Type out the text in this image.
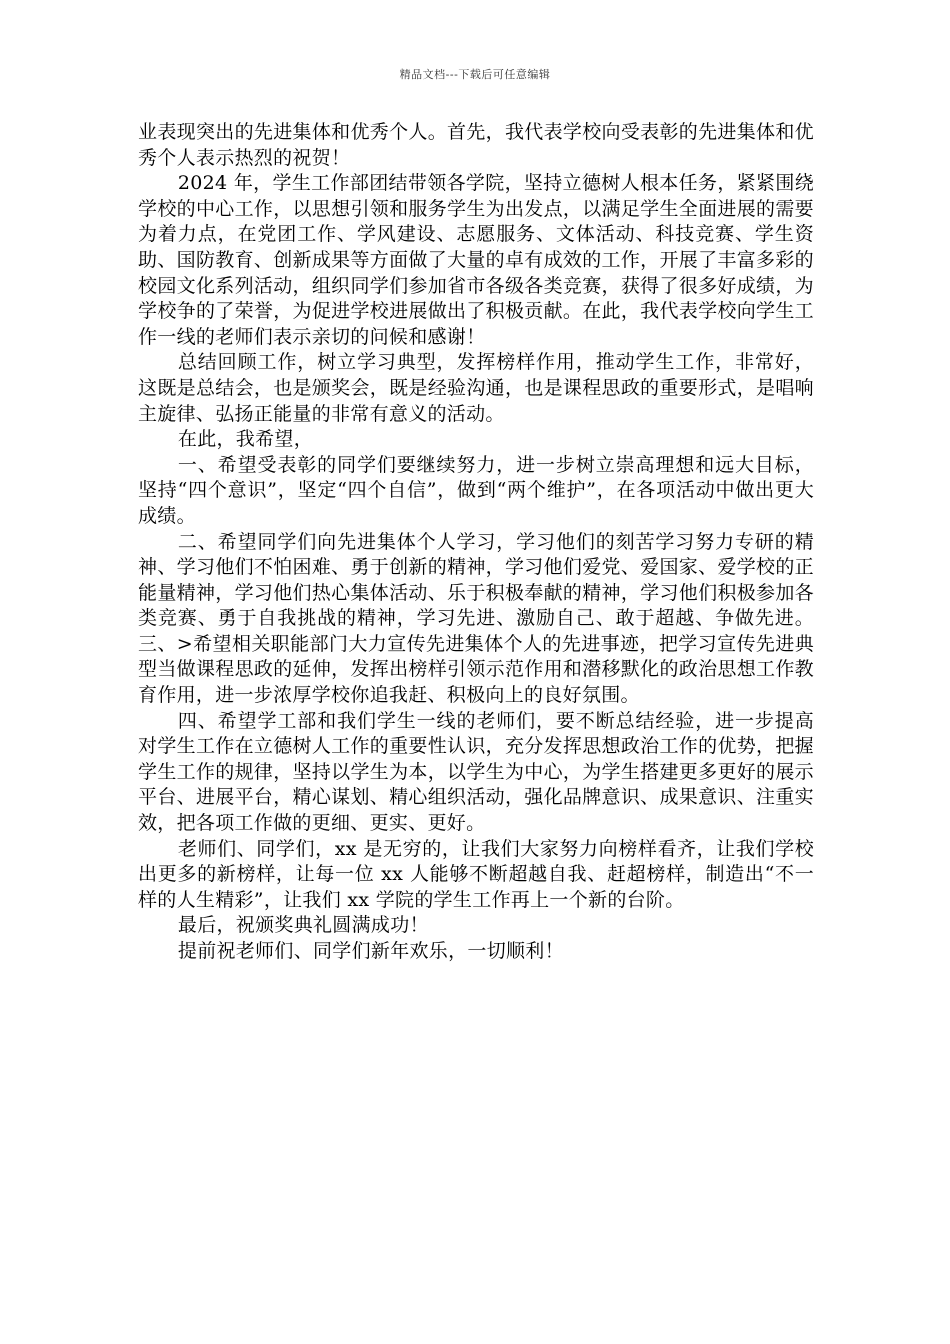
精品文档---下载后可任意编辑

业表现突出的先进集体和优秀个人。首先，我代表学校向受表彰的先进集体和优秀个人表示热烈的祝贺！

2024 年，学生工作部团结带领各学院，坚持立德树人根本任务，紧紧围绕学校的中心工作，以思想引领和服务学生为出发点，以满足学生全面进展的需要为着力点，在党团工作、学风建设、志愿服务、文体活动、科技竞赛、学生资助、国防教育、创新成果等方面做了大量的卓有成效的工作，开展了丰富多彩的校园文化系列活动，组织同学们参加省市各级各类竞赛，获得了很多好成绩，为学校争的了荣誉，为促进学校进展做出了积极贡献。在此，我代表学校向学生工作一线的老师们表示亲切的问候和感谢！

总结回顾工作，树立学习典型，发挥榜样作用，推动学生工作，非常好，这既是总结会，也是颁奖会，既是经验沟通，也是课程思政的重要形式，是唱响主旋律、弘扬正能量的非常有意义的活动。

在此，我希望，

一、希望受表彰的同学们要继续努力，进一步树立崇高理想和远大目标，坚持“四个意识”，坚定“四个自信”，做到“两个维护”，在各项活动中做出更大成绩。

二、希望同学们向先进集体个人学习，学习他们的刻苦学习努力专研的精神、学习他们不怕困难、勇于创新的精神，学习他们爱党、爱国家、爱学校的正能量精神，学习他们热心集体活动、乐于积极奉献的精神，学习他们积极参加各类竞赛、勇于自我挑战的精神，学习先进、激励自己、敢于超越、争做先进。三、>希望相关职能部门大力宣传先进集体个人的先进事迹，把学习宣传先进典型当做课程思政的延伸，发挥出榜样引领示范作用和潜移默化的政治思想工作教育作用，进一步浓厚学校你追我赶、积极向上的良好氛围。

四、希望学工部和我们学生一线的老师们，要不断总结经验，进一步提高对学生工作在立德树人工作的重要性认识，充分发挥思想政治工作的优势，把握学生工作的规律，坚持以学生为本，以学生为中心，为学生搭建更多更好的展示平台、进展平台，精心谋划、精心组织活动，强化品牌意识、成果意识、注重实效，把各项工作做的更细、更实、更好。

老师们、同学们，xx 是无穷的，让我们大家努力向榜样看齐，让我们学校出更多的新榜样，让每一位 xx 人能够不断超越自我、赶超榜样，制造出“不一样的人生精彩”，让我们 xx 学院的学生工作再上一个新的台阶。

最后，祝颁奖典礼圆满成功！

提前祝老师们、同学们新年欢乐，一切顺利！
